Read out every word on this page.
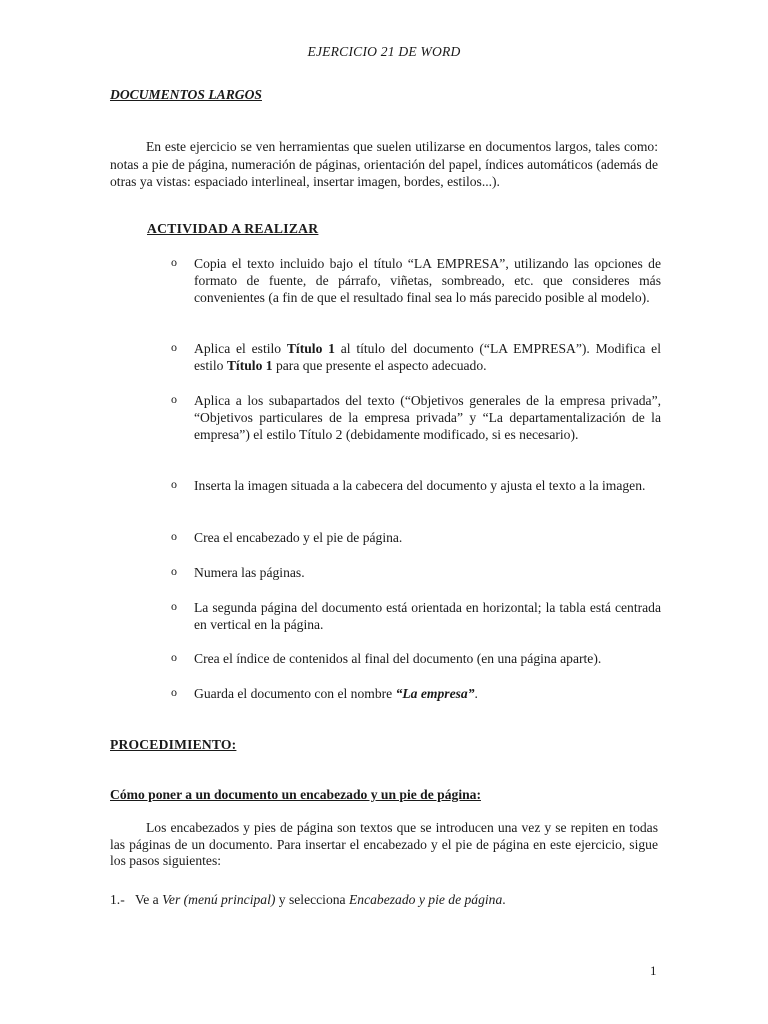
EJERCICIO 21 DE WORD

DOCUMENTOS LARGOS

En este ejercicio se ven herramientas que suelen utilizarse en documentos largos, tales como: notas a pie de página, numeración de páginas, orientación del papel, índices automáticos (además de otras ya vistas: espaciado interlineal, insertar imagen, bordes, estilos...).

ACTIVIDAD A REALIZAR

o	Copia el texto incluido bajo el título “LA EMPRESA”, utilizando las opciones de formato de fuente, de párrafo, viñetas, sombreado, etc. que consideres más convenientes (a fin de que el resultado final sea lo más parecido posible al modelo).
o	Aplica el estilo Título 1 al título del documento (“LA EMPRESA”). Modifica el estilo Título 1 para que presente el aspecto adecuado.
o	Aplica a los subapartados del texto (“Objetivos generales de la empresa privada”, “Objetivos particulares de la empresa privada” y “La departamentalización de la empresa”) el estilo Título 2 (debidamente modificado, si es necesario).
o	Inserta la imagen situada a la cabecera del documento y ajusta el texto a la imagen.
o	Crea el encabezado y el pie de página.
o	Numera las páginas.
o	La segunda página del documento está orientada en horizontal; la tabla está centrada en vertical en la página.
o	Crea el índice de contenidos al final del documento (en una página aparte).
o	Guarda el documento con el nombre “La empresa”.

PROCEDIMIENTO:

Cómo poner a un documento un encabezado y un pie de página:

Los encabezados y pies de página son textos que se introducen una vez y se repiten en todas las páginas de un documento. Para insertar el encabezado y el pie de página en este ejercicio, sigue los pasos siguientes:

1.- Ve a Ver (menú principal) y selecciona Encabezado y pie de página.

1
